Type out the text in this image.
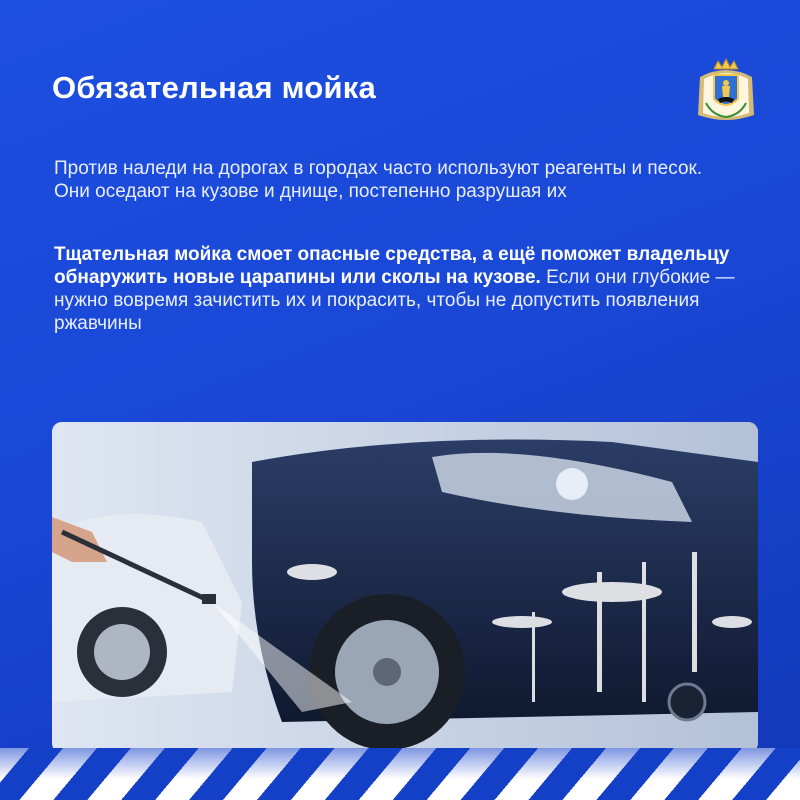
Обязательная мойка

Против наледи на дорогах в городах часто используют реагенты и песок. Они оседают на кузове и днище, постепенно разрушая их

Тщательная мойка смоет опасные средства, а ещё поможет владельцу обнаружить новые царапины или сколы на кузове. Если они глубокие — нужно вовремя зачистить их и покрасить, чтобы не допустить появления ржавчины
